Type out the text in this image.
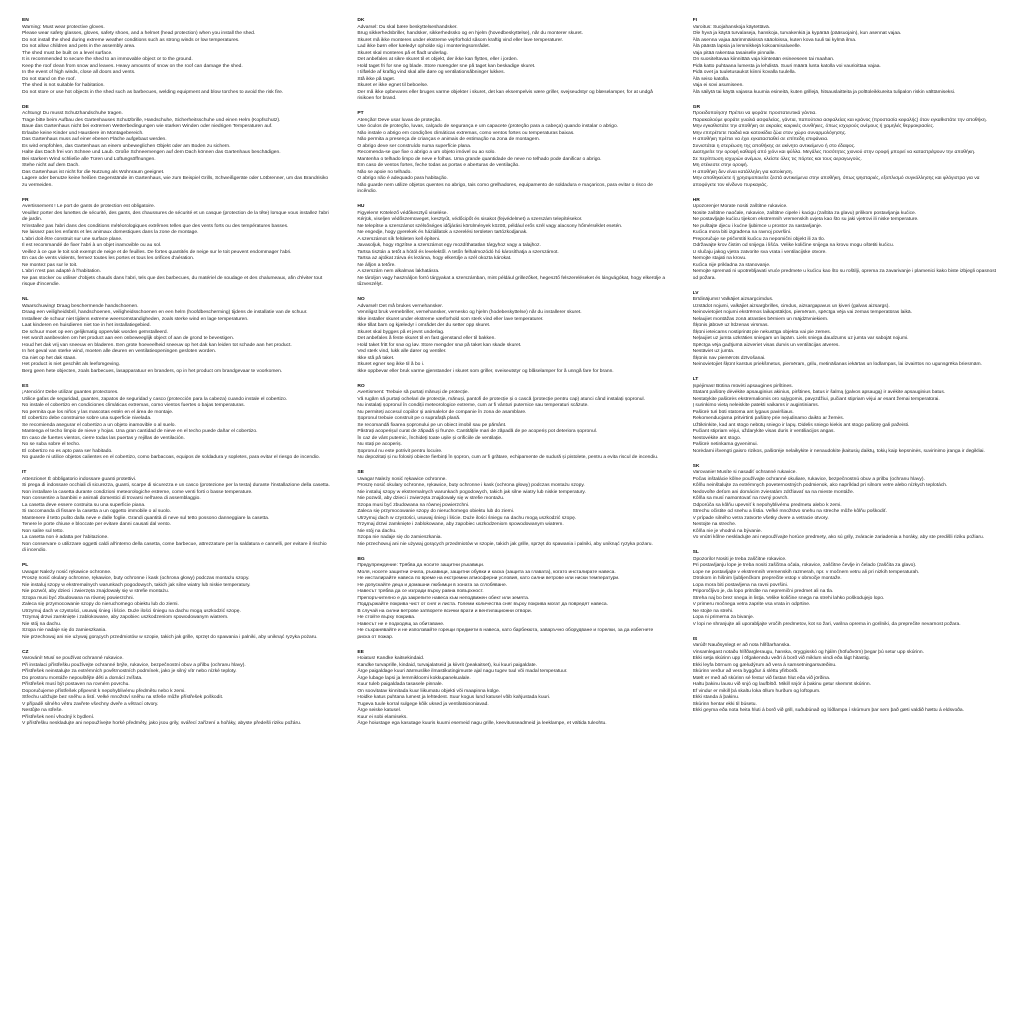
EN
Warning: Must wear protective gloves.
Please wear safety glasses, gloves, safety shoes, and a helmet (head protection) when you install the shed.
Do not install the shed during extreme weather conditions such as strong winds or low temperatures.
Do not allow children and pets in the assembly area.
The shed must be built on a level surface.
It is recommended to secure the shed to an immovable object or to the ground.
Keep the roof clean from snow and leaves. Heavy amounts of snow on the roof can damage the shed.
In the event of high winds, close all doors and vents.
Do not stand on the roof.
The shed is not suitable for habitation.
Do not store or use hot objects in the shed such as barbecues, welding equipment and blow torches to avoid the risk fire.
DE
Achtung! Du musst Schutzhandschuhe tragen.
Trage bitte beim Aufbau des Gartenhauses Schutzbrille, Handschuhe, Sicherheitsschuhe und einen Helm (Kopfschutz).
Baue das Gartenhaus nicht bei extremen Wetterbedingungen wie starken Winden oder niedrigen Temperaturen auf.
Erlaube keine Kinder und Haustiere im Montagebereich.
Das Gartenhaus muss auf einer ebenen Fläche aufgebaut werden.
Es wird empfohlen, das Gartenhaus an einem unbeweglichen Objekt oder am Boden zu sichern.
Halte das Dach frei von Schnee und Laub. Große Schneemengen auf dem Dach können das Gartenhaus beschädigen.
Bei starkem Wind schließe alle Türen und Lüftungsöffnungen.
Stehe nicht auf dem Dach.
Das Gartenhaus ist nicht für die Nutzung als Wohnraum geeignet.
Lagere oder benutze keine heißen Gegenstände im Gartenhaus, wie zum Beispiel Grills, Schweißgeräte oder Lötbrenner, um das Brandrisiko zu vermeiden.
FR
Avertissement ! Le port de gants de protection est obligatoire.
Veuillez porter des lunettes de sécurité, des gants, des chaussures de sécurité et un casque (protection de la tête) lorsque vous installez l'abri de jardin.
N'installez pas l'abri dans des conditions météorologiques extrêmes telles que des vents forts ou des températures basses.
Ne laissez pas les enfants et les animaux domestiques dans la zone de montage.
L'abri doit être construit sur une surface plane.
Il est recommandé de fixer l'abri à un objet inamovible ou au sol.
Veillez à ce que le toit soit exempt de neige et de feuilles. De fortes quantités de neige sur le toit peuvent endommager l'abri.
En cas de vents violents, fermez toutes les portes et tous les orifices d'aération.
Ne montez pas sur le toit.
L'abri n'est pas adapté à l'habitation.
Ne pas stocker ou utiliser d'objets chauds dans l'abri, tels que des barbecues, du matériel de soudage et des chalumeaux, afin d'éviter tout risque d'incendie.
NL
Waarschuwing! Draag beschermende handschoenen.
Draag een veiligheidsbril, handschoenen, veiligheidsschoenen en een helm (hoofdbescherming) tijdens de installatie van de schuur.
Installeer de schuur niet tijdens extreme weersomstandigheden, zoals sterke wind en lage temperaturen.
Laat kinderen en huisdieren niet toe in het installatiegebied.
De schuur moet op een gelijkmatig oppervlak worden geïnstalleerd.
Het wordt aanbevolen om het product aan een onbeweeglijk object of aan de grond te bevestigen.
Houd het dak vrij van sneeuw en bladeren. Een grote hoeveelheid sneeuw op het dak kan leiden tot schade aan het product.
In het geval van sterke wind, moeten alle deuren en ventilatieopeningen gesloten worden.
Ga niet op het dak staan.
Het product is niet geschikt als leefomgeving.
Berg geen hete objecten, zoals barbecues, lasapparatuur en branders, op in het product om brandgevaar te voorkomen.
ES
¡Atención! Debe utilizar guantes protectores.
Utilice gafas de seguridad, guantes, zapatos de seguridad y casco (protección para la cabeza) cuando instale el cobertizo.
No instale el cobertizo en condiciones climáticas extremas, como vientos fuertes o bajas temperaturas.
No permita que los niños y las mascotas estén en el área de montaje.
El cobertizo debe construirse sobre una superficie nivelada.
Se recomienda asegurar el cobertizo a un objeto inamovible o al suelo.
Mantenga el techo limpio de nieve y hojas. Una gran cantidad de nieve en el techo puede dañar el cobertizo.
En caso de fuertes vientos, cierre todas las puertas y rejillas de ventilación.
No se suba sobre el techo.
El cobertizo no es apto para ser habitado.
No guarde ni utilice objetos calientes en el cobertizo, como barbacoas, equipos de soldadura y sopletes, para evitar el riesgo de incendio.
IT
Attenzione! È obbligatorio indossare guanti protettivi.
Si prega di indossare occhiali di sicurezza, guanti, scarpe di sicurezza e un casco (protezione per la testa) durante l'installazione della casetta.
Non installare la casetta durante condizioni meteorologiche estreme, come venti forti o basse temperature.
Non consentire a bambini e animali domestici di trovarsi nell'area di assemblaggio.
La casetta deve essere costruita su una superficie piana.
Si raccomanda di fissare la casetta a un oggetto immobile o al suolo.
Mantenere il tetto pulito dalla neve e dalle foglie. Grandi quantità di neve sul tetto possono danneggiare la casetta.
Tenere le porte chiuse e bloccate per evitare danni causati dal vento.
Non salire sul tetto.
La casetta non è adatta per l'abitazione.
Non conservare o utilizzare oggetti caldi all'interno della casetta, come barbecue, attrezzature per la saldatura e cannelli, per evitare il rischio di incendio.
PL
Uwaga! Należy nosić rękawice ochronne.
Proszę nosić okulary ochronne, rękawice, buty ochronne i kask (ochrona głowy) podczas montażu szopy.
Nie instaluj szopy w ekstremalnych warunkach pogodowych, takich jak silne wiatry lub niskie temperatury.
Nie pozwól, aby dzieci i zwierzęta znajdowały się w strefie montażu.
Szopa musi być zbudowana na równej powierzchni.
Zaleca się przymocowanie szopy do nieruchomego obiektu lub do ziemi.
Utrzymuj dach w czystości, usuwaj śnieg i liście. Duże ilości śniegu na dachu mogą uszkodzić szopę.
Trzymaj drzwi zamknięte i zablokowane, aby zapobiec uszkodzeniom spowodowanym wiatrem.
Nie stój na dachu.
Szopa nie nadaje się do zamieszkania.
Nie przechowuj ani nie używaj gorących przedmiotów w szopie, takich jak grille, sprzęt do spawania i palniki, aby uniknąć ryzyka pożaru.
CZ
Varování! Musí se používat ochranné rukavice.
Při instalaci přístřešku používejte ochranné brýle, rukavice, bezpečnostní obuv a přilbu (ochranu hlavy).
Přístřešek neinstalujte za extrémních povětrnostních podmínek, jako je silný vítr nebo nízké teploty.
Do prostoru montáže nepouštějte děti a domácí zvířata.
Přístřešek musí být postaven na rovném povrchu.
Doporučujeme přístřešek připevnit k nepohyblivému předmětu nebo k zemi.
Střechu udržujte bez sněhu a listí. Velké množství sněhu na střeše může přístřešek poškodit.
V případě silného větru zavřete všechny dveře a větrací otvory.
Nestůjte na střeše.
Přístřešek není vhodný k bydlení.
V přístřešku neskladujte ani nepoužívejte horké předměty, jako jsou grily, svářecí zařízení a hořáky, abyste předešli riziku požáru.
DK
Advarsel: Du skal bære beskyttelseshandsker.
Brug sikkerhedsbriller, handsker, sikkerhedssko og en hjelm (hovedbeskyttelse), når du monterer skuret.
Skuret må ikke monteres under ekstreme vejrforhold såsom kraftig vind eller lave temperaturer.
Lad ikke børn eller kæledyr opholde sig i monteringsområdet.
Skuret skal monteres på et fladt underlag.
Det anbefales at sikre skuret til et objekt, der ikke kan flyttes, eller i jorden.
Hold taget fri for sne og blade. Store mængder sne på taget kan beskadige skuret.
I tilfælde af kraftig vind skal alle døre og ventilationsåbninger lukkes.
Stå ikke på taget.
Skuret er ikke egnet til beboelse.
Der må ikke opbevares eller bruges varme objekter i skuret, det kan eksempelvis være griller, svejseudstyr og blæselamper, for at undgå risikoen for brand.
PT
Atenção! Deve usar luvas de proteção.
Use óculos de proteção, luvas, calçado de segurança e um capacete (proteção para a cabeça) quando instalar o abrigo.
Não instale o abrigo em condições climáticas extremas, como ventos fortes ou temperaturas baixas.
Não permita a presença de crianças e animais de estimação na zona de montagem.
O abrigo deve ser construído numa superfície plana.
Recomenda-se que fixe o abrigo a um objeto imóvel ou ao solo.
Mantenha o telhado limpo de neve e folhas. Uma grande quantidade de neve no telhado pode danificar o abrigo.
Em caso de ventos fortes, feche todas as portas e aberturas de ventilação.
Não se apoie no telhado.
O abrigo não é adequado para habitação.
Não guarde nem utilize objetos quentes no abrigo, tais como grelhadores, equipamento de soldadura e maçaricos, para evitar o risco de incêndio.
HU
Figyelem! Kötelező védőkesztyű viselése.
Kérjük, viseljen védőszemüveget, kesztyűt, védőcipőt és sisakot (fejvédelmet) a szerszám telepítésekor.
Ne telepítse a szerszámot szélsőséges időjárási körülmények között, például erős szél vagy alacsony hőmérséklet esetén.
Ne engedje, hogy gyerekek és háziállatok a szerelési területen tartózkodjanak.
A szerszámot sík felületen kell építeni.
Javasoljuk, hogy rögzítse a szerszámot egy mozdíthatatlan tárgyhoz vagy a talajhoz.
Tartsa tisztán a tetőt a hótól és levelektől. A tetőn felhalmozódó hó károsíthatja a szerszámot.
Tartsa az ajtókat zárva és lezárva, hogy elkerülje a szél okozta károkat.
Ne álljon a tetőre.
A szerszám nem alkalmas lakhatásra.
Ne tároljon vagy használjon forró tárgyakat a szerszámban, mint például grillezőket, hegesztő felszereléseket és lángvágókat, hogy elkerülje a tűzveszélyt.
NO
Advarsel! Det må brukes vernehansker.
Vennligst bruk vernebriller, vernehansker, vernesko og hjelm (hodebeskyttelse) når du installerer skuret.
Ikke installer skuret under ekstreme værforhold som sterk vind eller lave temperaturer.
Ikke tillat barn og kjæledyr i området der du setter opp skuret.
Skuret skal bygges på et jevnt underlag.
Det anbefales å feste skuret til en fast gjenstand eller til bakken.
Hold taket fritt for snø og løv. Store mengder snø på taket kan skade skuret.
Ved sterk vind, lukk alle dører og ventiler.
Ikke stå på taket.
Skuret egner seg ikke til å bo i.
Ikke oppbevar eller bruk varme gjenstander i skuret som griller, sveiseutstyr og blåselamper for å unngå fare for brann.
RO
Avertisment: Trebuie să purtați mănuși de protecție.
Vă rugăm să purtați ochelari de protecție, mănuși, pantofi de protecție și o cască (protecție pentru cap) atunci când instalați șopronul.
Nu instalați șopronul în condiții meteorologice extreme, cum ar fi vânturi puternice sau temperaturi scăzute.
Nu permiteți accesul copiilor și animalelor de companie în zona de asamblare.
Șopronul trebuie construit pe o suprafață plană.
Se recomandă fixarea șopronului pe un obiect imobil sau pe pământ.
Păstrați acoperișul curat de zăpadă și frunze. Cantitățile mari de zăpadă de pe acoperiș pot deteriora șopronul.
În caz de vânt puternic, închideți toate ușile și orificiile de ventilație.
Nu stați pe acoperiș.
Șopronul nu este potrivit pentru locuire.
Nu depozitați și nu folosiți obiecte fierbinți în șopron, cum ar fi grătare, echipamente de sudură și pistolete, pentru a evita riscul de incendiu.
SE
Uwaga! Należy nosić rękawice ochronne.
Proszę nosić okulary ochronne, rękawice, buty ochronne i kask (ochrona głowy) podczas montażu szopy.
Nie instaluj szopy w ekstremalnych warunkach pogodowych, takich jak silne wiatry lub niskie temperatury.
Nie pozwól, aby dzieci i zwierzęta znajdowały się w strefie montażu.
Szopa musi być zbudowana na równej powierzchni.
Zaleca się przymocowanie szopy do nieruchomego obiektu lub do ziemi.
Utrzymuj dach w czystości, usuwaj śnieg i liście. Duże ilości śniegu na dachu mogą uszkodzić szopę.
Trzymaj drzwi zamknięte i zablokowane, aby zapobiec uszkodzeniom spowodowanym wiatrem.
Nie stój na dachu.
Szopa nie nadaje się do zamieszkania.
Nie przechowuj ani nie używaj gorących przedmiotów w szopie, takich jak grille, sprzęt do spawania i palniki, aby uniknąć ryzyka pożaru.
BG
Предупреждение: Трябва да носите защитни ръкавици.
Моля, носете защитни очила, ръкавици, защитни обувки и каска (защита за главата), когато инсталирате навеса.
Не инсталирайте навеса по време на екстремни атмосферни условия, като силни ветрове или ниски температури.
Не допускайте деца и домашни любимци в зоната за сглобяване.
Навесът трябва да се изгради върху равна повърхност.
Препоръчително е да закрепите навеса към неподвижен обект или земята.
Поддържайте покрива чист от сняг и листа. Големи количества сняг върху покрива могат да повредят навеса.
В случай на силни ветрове затворете всички врати и вентилационни отвори.
Не стойте върху покрива.
Навесът не е подходящ за обитаване.
Не съхранявайте и не използвайте горещи предмети в навеса, като барбекюта, заваръчно оборудване и горелки, за да избегнете риска от пожар.
EE
Hoiatus! Kandke kaitsekindaid.
Kandke turvaprille, kindaid, turvajalatseid ja kiivrit (peakaitset), kui kuuri paigaldate.
Ärge paigaldage kuuri äärmuslike ilmastikutingimuste ajal nagu tugev tuul või madal temperatuur.
Ärge lubage lapsi ja lemmikloomi kokkupanekualale.
Kuur tuleb paigaldada tasasele pinnale.
On soovitatav kinnitada kuur liikumatu objekti või maapinna külge.
Hoidke katus puhtana lumest ja lehtedest. Suur kogus lund katusel võib kahjustada kuuri.
Tugeva tuule korral sulgege kõik uksed ja ventilatsiooniavad.
Ärge seiske katusel.
Kuur ei sobi elamiseks.
Ärge hoiustage ega kasutage kuuris kuumi esemeid nagu grille, keevitusseadmeid ja leeklampe, et vältida tuleohtu.
FI
Varoitus: Suojahanskoja käytettävä.
Ole hyvä ja käytä turvalaseja, hanskoja, turvakenkiä ja kypärää (pääsuojain), kun asennat vajaa.
Älä asenna vajaa äärimmäisissä sääoloissa, kuten kova tuuli tai kylmä ilma.
Älä päästä lapsia ja lemmikkejä kokoamisalueelle.
Vaja pitää rakentaa tasaiselle pinnalle.
On suositeltavaa kiinnittää vaja kiinteään esineeseen tai maahan.
Pidä katto puhtaana lumesta ja lehdistä. Suuri määrä lunta katolla voi vaurioittaa vajaa.
Pidä ovet ja tuuletusaukot kiinni kovalla tuulella.
Älä seiso katolla.
Vaja ei sovi asumiseen.
Älä säilytä tai käytä vajassa kuumia esineitä, kuten grillejä, hitsauslaitteita ja polttoleikkureita tulipalon riskin välttämiseksi.
GR
Προειδοποίηση! Πρέπει να φοράτε προστατευτικά γάντια.
Παρακαλούμε φοράτε γυαλιά ασφαλείας, γάντια, παπούτσια ασφαλείας και κράνος (προστασία κεφαλής) όταν εγκαθιστάτε την αποθήκη.
Μην εγκαθιστάτε την αποθήκη σε ακραίες καιρικές συνθήκες, όπως ισχυρούς ανέμους ή χαμηλές θερμοκρασίες.
Μην επιτρέπετε παιδιά και κατοικίδια ζώα στον χώρο συναρμολόγησης.
Η αποθήκη πρέπει να έχει εγκατασταθεί σε επίπεδη επιφάνεια.
Συνιστάται η στερέωση της αποθήκης σε ακίνητο αντικείμενο ή στο έδαφος.
Διατηρείτε την οροφή καθαρή από χιόνι και φύλλα. Μεγάλες ποσότητες χιονιού στην οροφή μπορεί να καταστρέψουν την αποθήκη.
Σε περίπτωση ισχυρών ανέμων, κλείστε όλες τις πόρτες και τους αεραγωγούς.
Μη στέκεστε στην οροφή.
Η αποθήκη δεν είναι κατάλληλη για κατοίκηση.
Μην αποθηκεύετε ή χρησιμοποιείτε ζεστά αντικείμενα στην αποθήκη, όπως ψησταριές, εξοπλισμό συγκόλλησης και φλόγιστρα για να αποφύγετε τον κίνδυνο πυρκαγιάς.
HR
Upozorenje! Morate nositi zaštitne rukavice.
Nosite zaštitne naočale, rukavice, zaštitne cipele i kacigu (zaštita za glavu) prilikom postavljanja kućice.
Ne postavljajte kućicu tijekom ekstremnih vremenskih uvjeta kao što su jaki vjetrovi ili niske temperature.
Ne puštajte djecu i kućne ljubimce u prostor za sastavljanje.
Kućica mora biti izgrađena na ravnoj površini.
Preporučuje se pričvrstiti kućicu za nepomični objekt ili za tlo.
Održavajte krov čistim od snijega i lišća. Velike količine snijega na krovu mogu oštetiti kućicu.
U slučaju jakog vjetra zatvorite sva vrata i ventilacijske otvore.
Nemojte stajati na krovu.
Kućica nije prikladna za stanovanje.
Nemojte spremati ni upotrebljavati vruće predmete u kućicu kao što su roštilji, oprema za zavarivanje i plamenici kako biste izbjegli opasnost od požara.
LV
Brīdinājums! Valkājiet aizsargcimdus.
Uzstādot nojumi, valkājiet aizsargbrilles, cimdus, aizsargapavus un ķiveri (galvas aizsargs).
Neinovietojiet nojumi ekstrēmos laikapstākļos, piemēram, spēcīga vēja vai zemas temperatūras laikā.
Nelaujiet montāžas zonā atrasties bērniem un mājdzīvniekiem.
Šķūnis jābūvē uz līdzenas virsmas.
Šķūni ieteicams nostiprināt pie nekustīga objekta vai pie zemes.
Neļaujiet uz jumta uzkrāties sniegam un lapām. Liels sniega daudzums uz jumta var sabojāt nojumi.
Spēcīga vēja gadījumā aizveriet visas durvis un ventilācijas atveres.
Nestāviet uz jumta.
Šķūnis nav piemērots dzīvošanai.
Neinovietojiet šķūnī karstus priekšmetus, piemēram, grilu, metināšanas iekārtas un lodlampas, lai izvairītos no ugunsgrēka briesmām.
LT
Įspėjimas! Būtina mūvėti apsaugines pirštines.
Statant pašiūrę dėvėkite apsauginius akinius, pirštines, batus ir šalmą (galvos apsaugą) ir avėkite apsauginius batus.
Nestatykite pašiūrės ekstremaliomis oro sąlygomis, pavyzdžiui, pučiant stipriam vėjui ar esant žemai temperatūrai.
Į surinkimo vietą neleiskite patekti vaikams ir augintiniams.
Pašiūrė turi būti statoma ant lygaus paviršiaus.
Rekomenduojama pritvirtinti pašiūrę prie nejudinamo daikto ar žemės.
Užtikrinkite, kad ant stogo nebūtų sniego ir lapų. Didelis sniego kiekis ant stogo pašiūrę gali pažeisti.
Pučiant stipriam vėjui, uždarykite visas duris ir ventiliacijos angas.
Nestovėkite ant stogo.
Pašiūrė netinkama gyvenimui.
Norėdami išvengti gaisro rizikos, pašiūrėje nelaikykite ir nenaudokite įkaitusių daiktų, tokių kaip kepsninės, suvirinimo įranga ir degikliai.
SK
Varovanie! Musíte si nasadiť ochranné rukavice.
Počas inštalácie kôlne používajte ochranné okuliare, rukavice, bezpečnostnú obuv a prilbu (ochranu hlavy).
Kôlňu neinštalujte za extrémnych poveternostných podmienok, ako napríklad pri silnom vetre alebo nízkych teplotách.
Nedovoľte deťom ani domácim zvieratám zdržiavať sa na mieste montáže.
Kôlňa sa musí namontovať na rovný povrch.
Odporúča sa kôlňu upevniť k nepohyblivému predmetu alebo k zemi.
Strechu očistite od snehu a lístia. Veľké množstvo snehu na streche môže kôlňu poškodiť.
V prípade silného vetra zatvorte všetky dvere a vetracie otvory.
Nestojte na streche.
Kôlňa nie je vhodná na bývanie.
Vo vnútri kôlne neskladujte ani nepoužívajte horúce predmety, ako sú grily, zváracie zariadenia a horáky, aby ste predišli riziku požiaru.
SL
Opozorilo! Nositi je treba zaščitne rokavice.
Pri postavljanju lope je treba nositi zaščitna očala, rokavice, zaščitne čevlje in čelado (zaščita za glavo).
Lope ne postavljajte v ekstremnih vremenskih razmerah, npr. v močnem vetru ali pri nizkih temperaturah.
Otrokom in hišnim ljubljenčkom preprečite vstop v območje montaže.
Lopa mora biti postavljena na ravni površini.
Priporočljivo je, da lopo pritrdite na nepremični predmet ali na tla.
Streha naj bo brez snega in listja. Velike količine snega na strehi lahko poškodujejo lopo.
V primeru močnega vetra zaprite vsa vrata in odprtine.
Ne stojte na strehi.
Lopa ni primerna za bivanje.
V lopi ne shranjujte ali uporabljajte vročih predmetov, kot so žari, varilna oprema in gorilniki, da preprečite nevarnost požara.
IS
Varúð! Nauðsynlegt er að nota hlífðarhanska.
Vinsamlegast notaðu hlífðargleraugu, hanska, öryggisskó og hjálm (höfuðvörn) þegar þú setur upp skúrinn.
Ekki setja skúrinn upp í öfgakenndu veðri á borð við miklum vindi eða lágt hitastig.
Ekki leyfa börnum og gæludýrum að vera á samsetningarsvæðinu.
Skúrinn verður að vera byggður á sléttu yfirborði.
Mælt er með að skúrinn sé festur við fastan hlut eða við jörðina.
Haltu þakinu lausu við snjó og laufblöð. Mikill snjór á þakinu getur skemmt skúrinn.
Ef vindur er mikill þá skaltu loka öllum hurðum og loftopum.
Ekki standa á þakinu.
Skúrinn hentar ekki til búsetu.
Ekki geyma eða nota heita hluti á borð við grill, suðubúnað og lóðlampa í skúrnum þar sem það gæti valdið hættu á eldsvoða.
